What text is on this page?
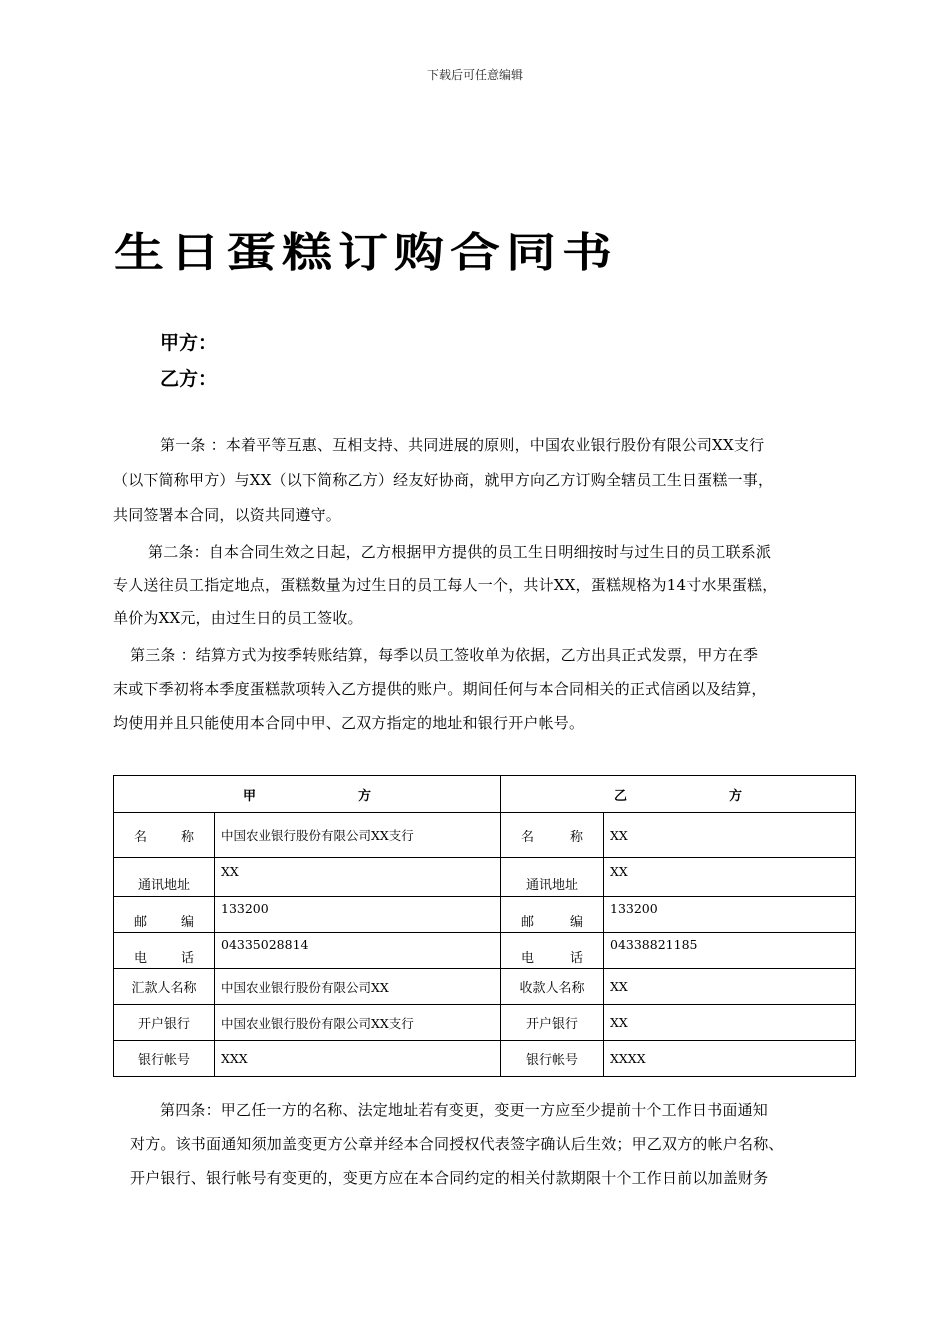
下载后可任意编辑
生日蛋糕订购合同书
甲方：
乙方：
第一条 ：本着平等互惠、互相支持、共同进展的原则，中国农业银行股份有限公司XX支行
（以下简称甲方）与XX（以下简称乙方）经友好协商，就甲方向乙方订购全辖员工生日蛋糕一事，
共同签署本合同，以资共同遵守。
第二条：自本合同生效之日起，乙方根据甲方提供的员工生日明细按时与过生日的员工联系派
专人送往员工指定地点，蛋糕数量为过生日的员工每人一个，共计XX，蛋糕规格为14寸水果蛋糕，
单价为XX元，由过生日的员工签收。
第三条 ：结算方式为按季转账结算，每季以员工签收单为依据，乙方出具正式发票，甲方在季
末或下季初将本季度蛋糕款项转入乙方提供的账户。期间任何与本合同相关的正式信函以及结算，
均使用并且只能使用本合同中甲、乙双方指定的地址和银行开户帐号。
甲 方		乙 方	

名 称	中国农业银行股份有限公司XX支行	名 称	XX
通讯地址	XX	通讯地址	XX

邮 编	133200	邮 编	133200

电 话	04335028814	电 话	04338821185
汇款人名称	中国农业银行股份有限公司XX	收款人名称	XX
开户银行	中国农业银行股份有限公司XX支行	开户银行	XX
银行帐号	XXX	银行帐号	XXXX
第四条：甲乙任一方的名称、法定地址若有变更，变更一方应至少提前十个工作日书面通知
对方。该书面通知须加盖变更方公章并经本合同授权代表签字确认后生效；甲乙双方的帐户名称、
开户银行、银行帐号有变更的，变更方应在本合同约定的相关付款期限十个工作日前以加盖财务
